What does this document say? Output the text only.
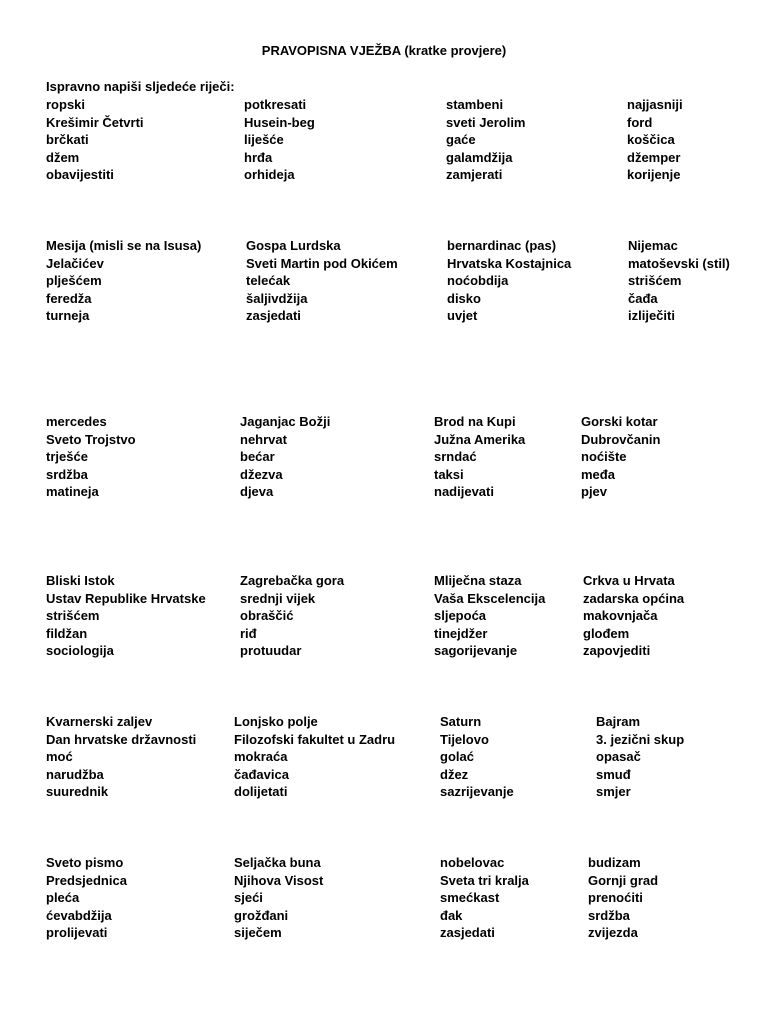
PRAVOPISNA VJEŽBA (kratke provjere)
Ispravno napiši sljedeće riječi:
ropski
Krešimir Četvrti
brčkati
džem
obavijestiti
potkresati
Husein-beg
liješće
hrđa
orhideja
stambeni
sveti Jerolim
gaće
galamdžija
zamjerati
najjasniji
ford
koščica
džemper
korijenje
Mesija (misli se na Isusa)
Jelačićev
plješćem
feredža
turneja
Gospa Lurdska
Sveti Martin pod Okićem
telećak
šaljivdžija
zasjedati
bernardinac (pas)
Hrvatska Kostajnica
noćobdija
disko
uvjet
Nijemac
matoševski (stil)
strišćem
čađa
izliječiti
mercedes
Sveto Trojstvo
trješće
srdžba
matineja
Jaganjac Božji
nehrvat
bećar
džezva
djeva
Brod na Kupi
Južna Amerika
srndać
taksi
nadijevati
Gorski kotar
Dubrovčanin
noćište
međa
pjev
Bliski Istok
Ustav Republike Hrvatske
strišćem
fildžan
sociologija
Zagrebačka gora
srednji vijek
obraščić
riđ
protuudar
Mliječna staza
Vaša Ekscelencija
sljepoća
tinejdžer
sagorijevanje
Crkva u Hrvata
zadarska općina
makovnjača
glođem
zapovjediti
Kvarnerski zaljev
Dan hrvatske državnosti
moć
narudžba
suurednik
Lonjsko polje
Filozofski fakultet u Zadru
mokraća
čađavica
dolijetati
Saturn
Tijelovo
golać
džez
sazrijevanje
Bajram
3. jezični skup
opasač
smuđ
smjer
Sveto pismo
Predsjednica
pleća
ćevabdžija
prolijevati
Seljačka buna
Njihova Visost
sjeći
grožđani
siječem
nobelovac
Sveta tri kralja
smećkast
đak
zasjedati
budizam
Gornji grad
prenoćiti
srdžba
zvijezda
